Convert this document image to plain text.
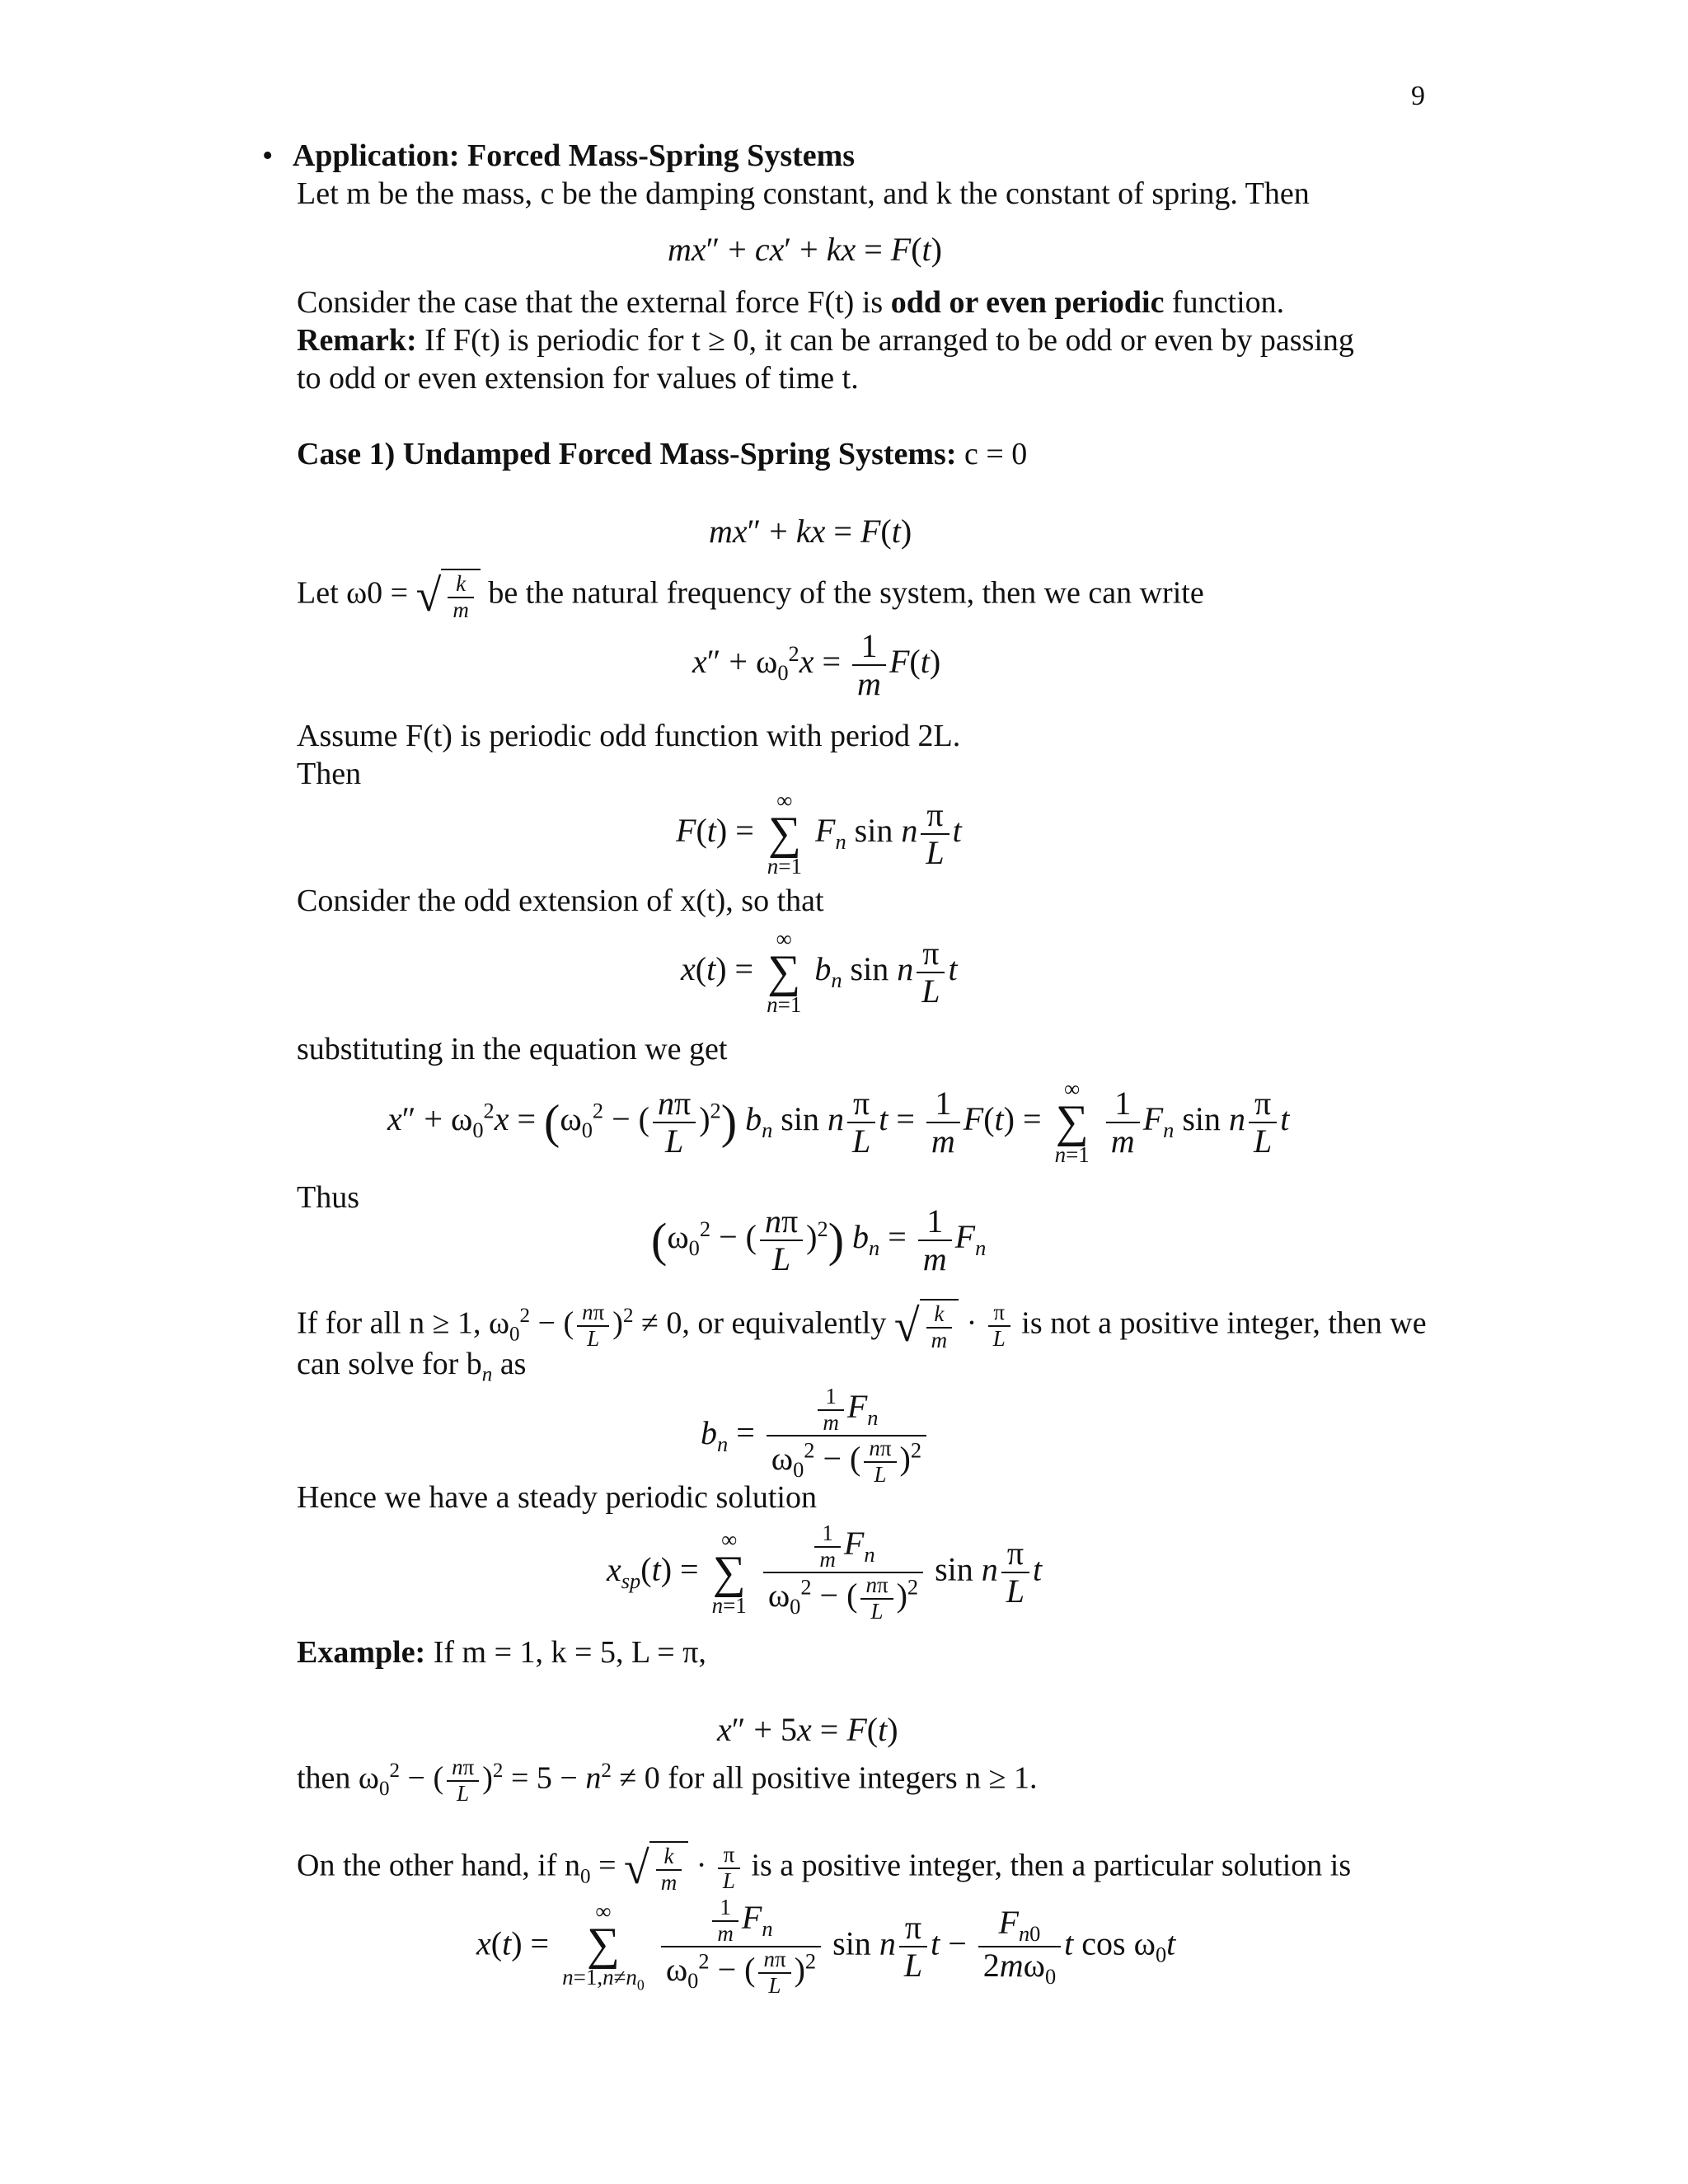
9
• Application: Forced Mass-Spring Systems
Let m be the mass, c be the damping constant, and k the constant of spring. Then
mx″ + cx′ + kx = F(t)
Consider the case that the external force F(t) is odd or even periodic function.
Remark: If F(t) is periodic for t ≥ 0, it can be arranged to be odd or even by passing
to odd or even extension for values of time t.
Case 1) Undamped Forced Mass-Spring Systems: c = 0
mx″ + kx = F(t)
Let ω0 = √ $\frac{k}{m}$ be the natural frequency of the system, then we can write
$x'' + \omega_0^2x = \frac{1}{m} F(t)$
Assume F(t) is periodic odd function with period 2L.
Then
F(t) =
∞
∑
n=1
$F_n$ sin n $\frac{\pi}{L}$ t
Consider the odd extension of x(t), so that
x(t) =
∞
∑
n=1
$b_n$ sin n $\frac{\pi}{L}$ t
substituting in the equation we get
$x'' + \omega_0^2x = (\omega_0^2$ − ( $\frac{n\pi}{L} )^2$) $b_n$ sin n $\frac{\pi}{L}$ $t = \frac{1}{m} F(t)$ =
∞
∑
n=1
$\frac{1}{m} F_n$ sin n $\frac{\pi}{L}$ t
Thus
($\omega_0^2$ − ( $\frac{n\pi}{L} )^2$) $b_n = \frac{1}{m} F_n$
If for all n ≥ 1, $\omega_0^2$ − ( $\frac{n\pi}{L} )^2 \ne 0$, or equivalently √ $\frac{k}{m} \cdot \frac{\pi}{L}$ is not a positive integer, then we
can solve for $b_n$ as
$b_n = \frac{\frac{1}{m} F_n}{\omega_0^2 - ( \frac{n\pi}{L} )^2}$
Hence we have a steady periodic solution
$x_{sp}(t)$ =
∞
∑
n=1
$\frac{\frac{1}{m} F_n}{\omega_0^2 - ( \frac{n\pi}{L} )^2}$ sin n $\frac{\pi}{L}$ t
Example: If m = 1, k = 5, L = π,
x″ + 5x = F(t)
then $\omega_0^2$ − ( $\frac{n\pi}{L} )^2 = 5 - n^2 \ne 0$ for all positive integers n ≥ 1.
On the other hand, if $n_0$ = √ $\frac{k}{m} \cdot \frac{\pi}{L}$ is a positive integer, then a particular solution is
x(t) =
∞
∑
$n=1,n\ne n_0$
$\frac{\frac{1}{m} F_n}{\omega_0^2 - ( \frac{n\pi}{L} )^2}$ sin n $\frac{\pi}{L}$ $t - \frac{F_{n0}}{2m\omega_0}$ t $\cos \omega_0t$
